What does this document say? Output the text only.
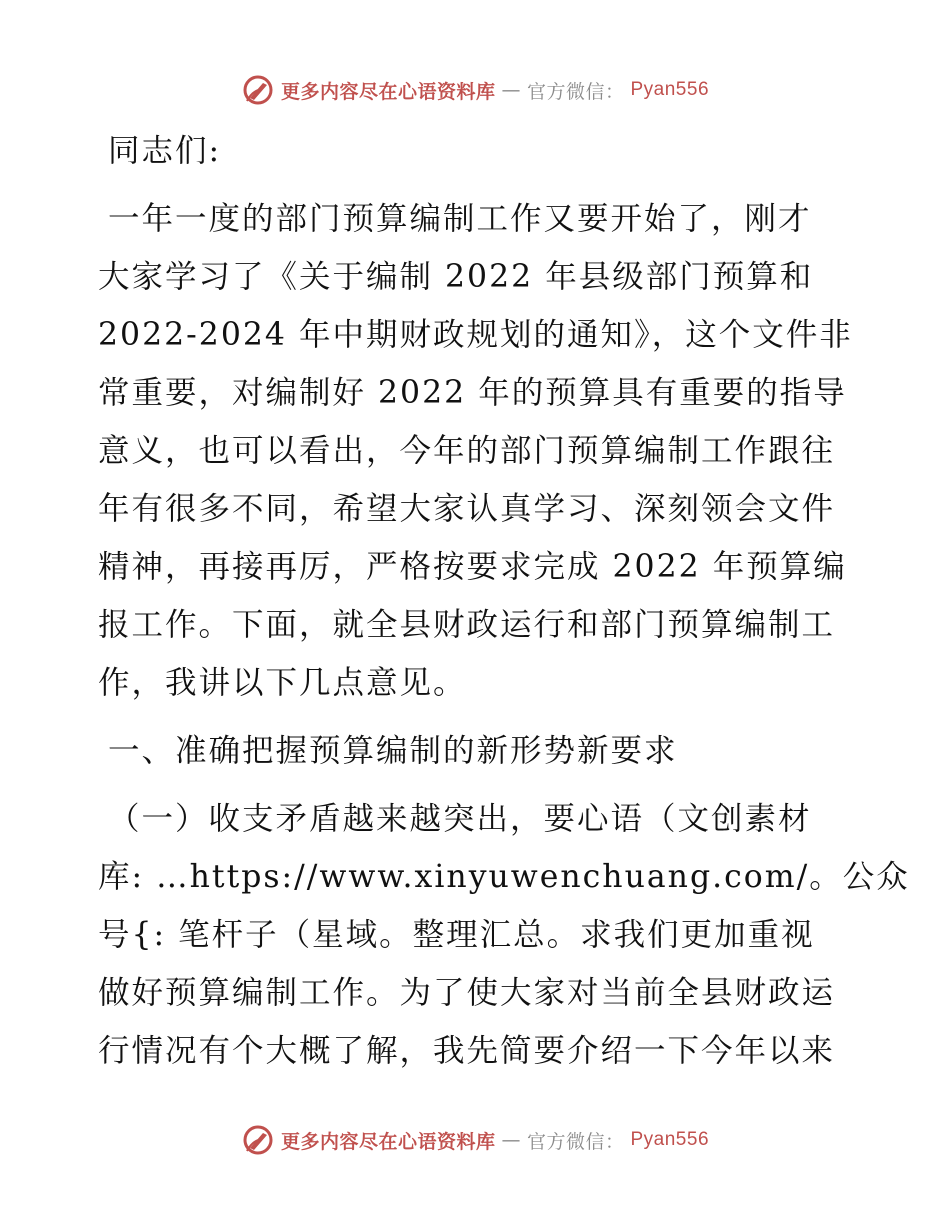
更多内容尽在心语资料库 — 官方微信： Pyan556
同志们:
一年一度的部门预算编制工作又要开始了，刚才
大家学习了《关于编制 2022 年县级部门预算和
2022-2024 年中期财政规划的通知》，这个文件非
常重要，对编制好 2022 年的预算具有重要的指导
意义，也可以看出，今年的部门预算编制工作跟往
年有很多不同，希望大家认真学习、深刻领会文件
精神，再接再厉，严格按要求完成 2022 年预算编
报工作。下面，就全县财政运行和部门预算编制工
作，我讲以下几点意见。
一、准确把握预算编制的新形势新要求
（一）收支矛盾越来越突出，要心语（文创素材
库: …https://www.xinyuwenchuang.com/。公众
号{: 笔杆子（星域。整理汇总。求我们更加重视
做好预算编制工作。为了使大家对当前全县财政运
行情况有个大概了解，我先简要介绍一下今年以来
更多内容尽在心语资料库 — 官方微信： Pyan556
